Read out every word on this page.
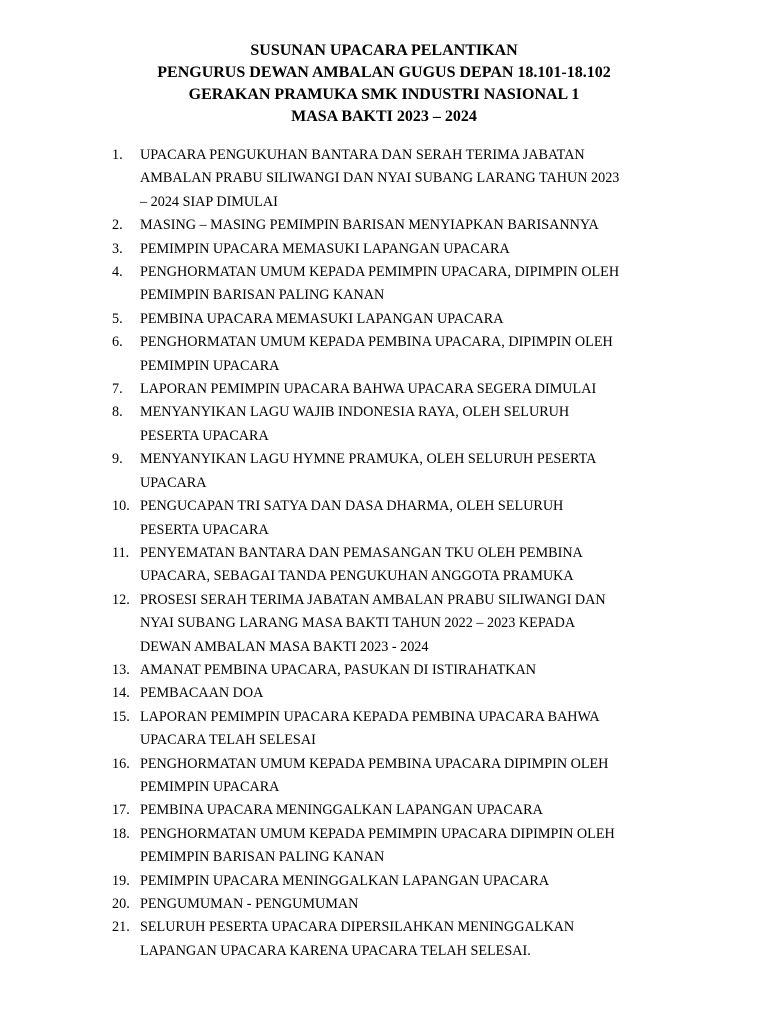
SUSUNAN UPACARA PELANTIKAN
PENGURUS DEWAN AMBALAN GUGUS DEPAN 18.101-18.102
GERAKAN PRAMUKA SMK INDUSTRI NASIONAL 1
MASA BAKTI 2023 – 2024
1.	UPACARA PENGUKUHAN BANTARA DAN SERAH TERIMA JABATAN
AMBALAN PRABU SILIWANGI DAN NYAI SUBANG LARANG TAHUN 2023
– 2024 SIAP DIMULAI
2.	MASING – MASING PEMIMPIN BARISAN MENYIAPKAN BARISANNYA
3.	PEMIMPIN UPACARA MEMASUKI LAPANGAN UPACARA
4.	PENGHORMATAN UMUM KEPADA PEMIMPIN UPACARA, DIPIMPIN OLEH
PEMIMPIN BARISAN PALING KANAN
5.	PEMBINA UPACARA MEMASUKI LAPANGAN UPACARA
6.	PENGHORMATAN UMUM KEPADA PEMBINA UPACARA, DIPIMPIN OLEH
PEMIMPIN UPACARA
7.	LAPORAN PEMIMPIN UPACARA BAHWA UPACARA SEGERA DIMULAI
8.	MENYANYIKAN LAGU WAJIB INDONESIA RAYA, OLEH SELURUH
PESERTA UPACARA
9.	MENYANYIKAN LAGU HYMNE PRAMUKA, OLEH SELURUH PESERTA
UPACARA
10. PENGUCAPAN TRI SATYA DAN DASA DHARMA, OLEH SELURUH
PESERTA UPACARA
11. PENYEMATAN BANTARA DAN PEMASANGAN TKU OLEH PEMBINA
UPACARA, SEBAGAI TANDA PENGUKUHAN ANGGOTA PRAMUKA
12. PROSESI SERAH TERIMA JABATAN AMBALAN PRABU SILIWANGI DAN
NYAI SUBANG LARANG MASA BAKTI TAHUN 2022 – 2023 KEPADA
DEWAN AMBALAN MASA BAKTI 2023 - 2024
13. AMANAT PEMBINA UPACARA, PASUKAN DI ISTIRAHATKAN
14. PEMBACAAN DOA
15. LAPORAN PEMIMPIN UPACARA KEPADA PEMBINA UPACARA BAHWA
UPACARA TELAH SELESAI
16. PENGHORMATAN UMUM KEPADA PEMBINA UPACARA DIPIMPIN OLEH
PEMIMPIN UPACARA
17. PEMBINA UPACARA MENINGGALKAN LAPANGAN UPACARA
18. PENGHORMATAN UMUM KEPADA PEMIMPIN UPACARA DIPIMPIN OLEH
PEMIMPIN BARISAN PALING KANAN
19. PEMIMPIN UPACARA MENINGGALKAN LAPANGAN UPACARA
20. PENGUMUMAN - PENGUMUMAN
21. SELURUH PESERTA UPACARA DIPERSILAHKAN MENINGGALKAN
LAPANGAN UPACARA KARENA UPACARA TELAH SELESAI.
